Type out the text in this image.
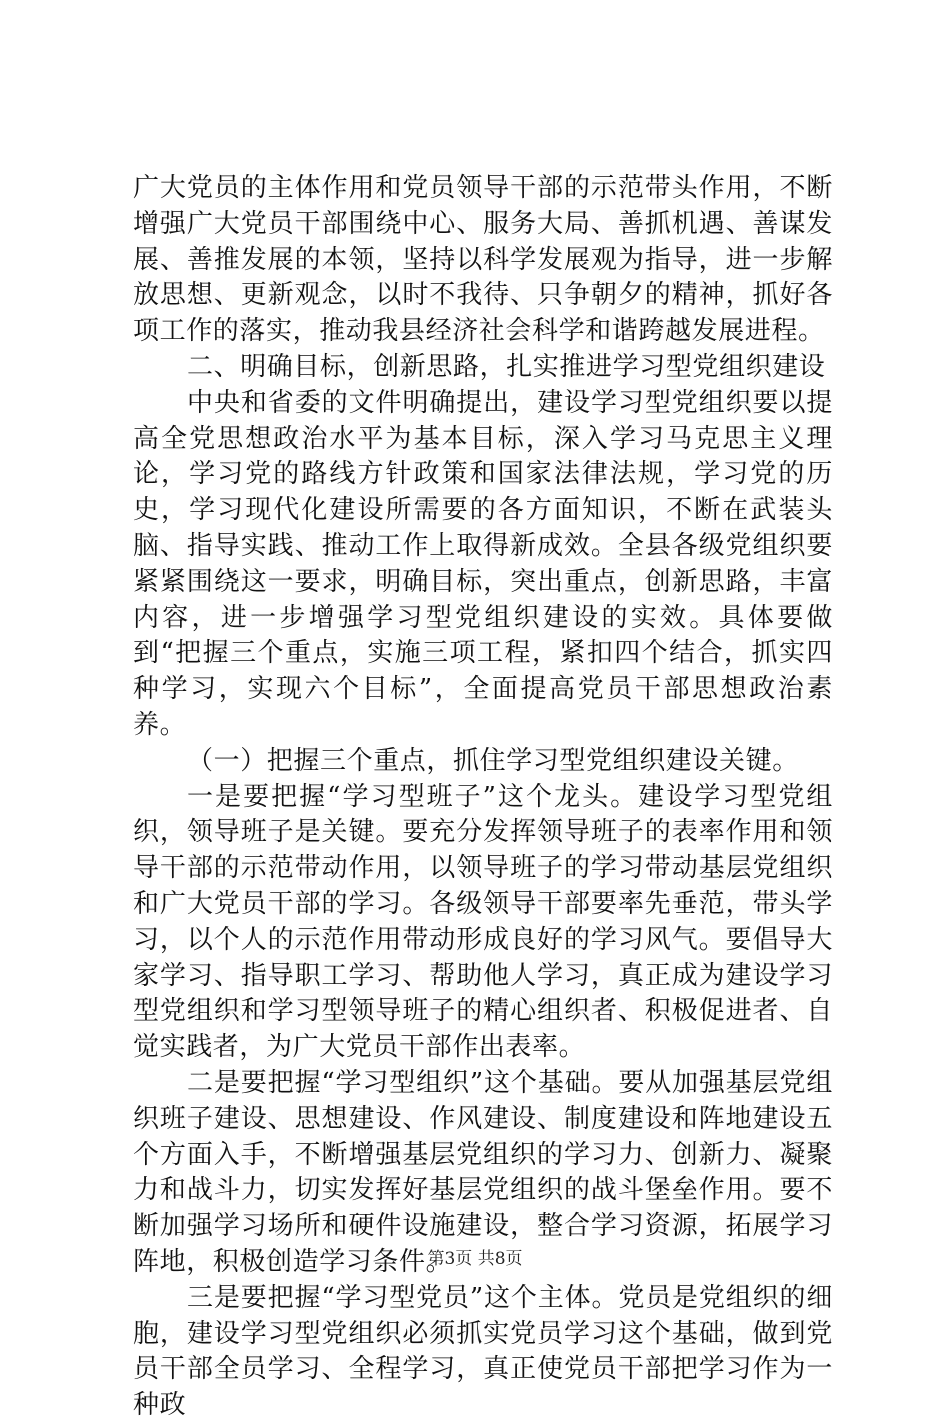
广大党员的主体作用和党员领导干部的示范带头作用，不断增强广大党员干部围绕中心、服务大局、善抓机遇、善谋发展、善推发展的本领，坚持以科学发展观为指导，进一步解放思想、更新观念，以时不我待、只争朝夕的精神，抓好各项工作的落实，推动我县经济社会科学和谐跨越发展进程。

二、明确目标，创新思路，扎实推进学习型党组织建设

中央和省委的文件明确提出，建设学习型党组织要以提高全党思想政治水平为基本目标，深入学习马克思主义理论，学习党的路线方针政策和国家法律法规，学习党的历史，学习现代化建设所需要的各方面知识，不断在武装头脑、指导实践、推动工作上取得新成效。全县各级党组织要紧紧围绕这一要求，明确目标，突出重点，创新思路，丰富内容，进一步增强学习型党组织建设的实效。具体要做到“把握三个重点，实施三项工程，紧扣四个结合，抓实四种学习，实现六个目标”，全面提高党员干部思想政治素养。

（一）把握三个重点，抓住学习型党组织建设关键。

一是要把握“学习型班子”这个龙头。建设学习型党组织，领导班子是关键。要充分发挥领导班子的表率作用和领导干部的示范带动作用，以领导班子的学习带动基层党组织和广大党员干部的学习。各级领导干部要率先垂范，带头学习，以个人的示范作用带动形成良好的学习风气。要倡导大家学习、指导职工学习、帮助他人学习，真正成为建设学习型党组织和学习型领导班子的精心组织者、积极促进者、自觉实践者，为广大党员干部作出表率。

二是要把握“学习型组织”这个基础。要从加强基层党组织班子建设、思想建设、作风建设、制度建设和阵地建设五个方面入手，不断增强基层党组织的学习力、创新力、凝聚力和战斗力，切实发挥好基层党组织的战斗堡垒作用。要不断加强学习场所和硬件设施建设，整合学习资源，拓展学习阵地，积极创造学习条件。

三是要把握“学习型党员”这个主体。党员是党组织的细胞，建设学习型党组织必须抓实党员学习这个基础，做到党员干部全员学习、全程学习，真正使党员干部把学习作为一种政

第3页 共8页
